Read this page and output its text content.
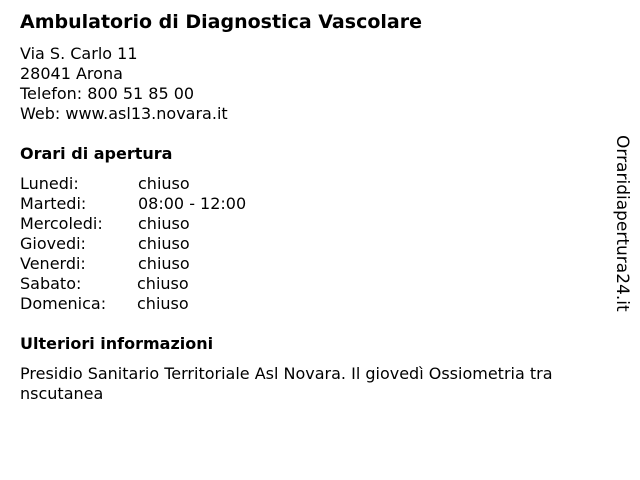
Ambulatorio di Diagnostica Vascolare
Via S. Carlo 11
28041 Arona
Telefon: 800 51 85 00
Web: www.asl13.novara.it
Orari di apertura
Lunedi:	chiuso
Martedi:	08:00 - 12:00
Mercoledi: chiuso
Giovedi:	chiuso
Venerdi:	chiuso
Sabato:	chiuso
Domenica: chiuso
Ulteriori informazioni
Presidio Sanitario Territoriale Asl Novara. Il giovedì Ossiometria tra nscutanea
Orraridiapertura24.it
